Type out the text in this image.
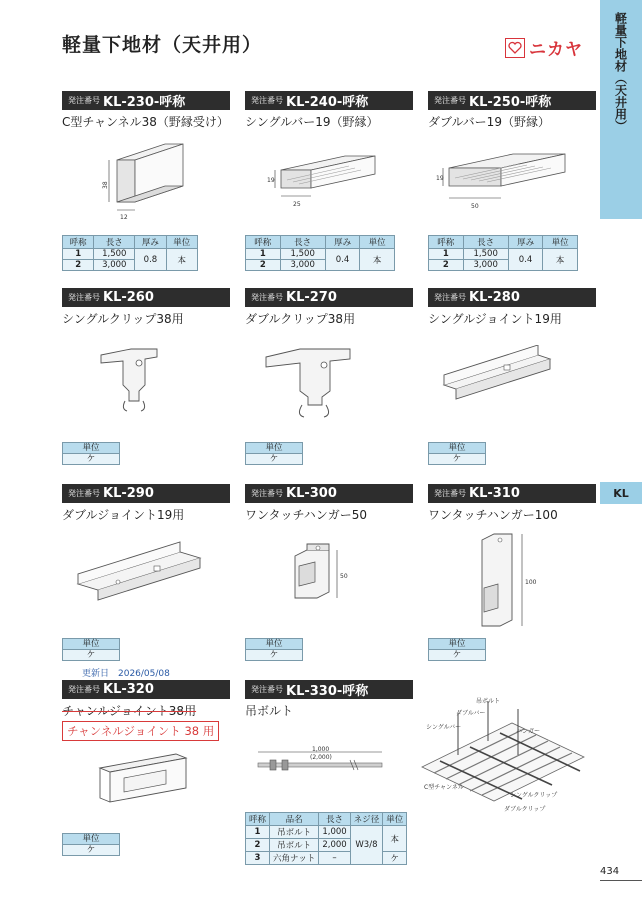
軽量下地材（天井用）	ニカヤ	軽量下地材（天井用）
KL
434
発注番号 KL-230-呼称
C型チャンネル38（野縁受け）
38
12
呼称	長さ	厚み	単位
1	1,500	0.8	本
2	3,000		
発注番号 KL-240-呼称
シングルバー19（野縁）
19
25
呼称	長さ	厚み	単位
1	1,500	0.4	本
2	3,000		
発注番号 KL-250-呼称
ダブルバー19（野縁）
19
50
呼称	長さ	厚み	単位
1	1,500	0.4	本
2	3,000		
発注番号 KL-260
シングルクリップ38用
単位
ケ
発注番号 KL-270
ダブルクリップ38用
単位
ケ
発注番号 KL-280
シングルジョイント19用
単位
ケ
発注番号 KL-290
ダブルジョイント19用
単位
ケ
発注番号 KL-300
ワンタッチハンガー50
50
単位
ケ
発注番号 KL-310
ワンタッチハンガー100
100
単位
ケ
更新日　2026/05/08
発注番号 KL-320
チャンルジョイント38用
チャンネルジョイント 38 用
単位
ケ
発注番号 KL-330-呼称
吊ボルト
1,000
(2,000)
呼称	品名	長さ	ネジ径	単位
1	吊ボルト	1,000	W3/8	本
2	吊ボルト	2,000		
3	六角ナット	–		ケ
吊ボルト
ダブルバー
シングルバー
ハンガー
C型チャンネル
シングルクリップ
ダブルクリップ
